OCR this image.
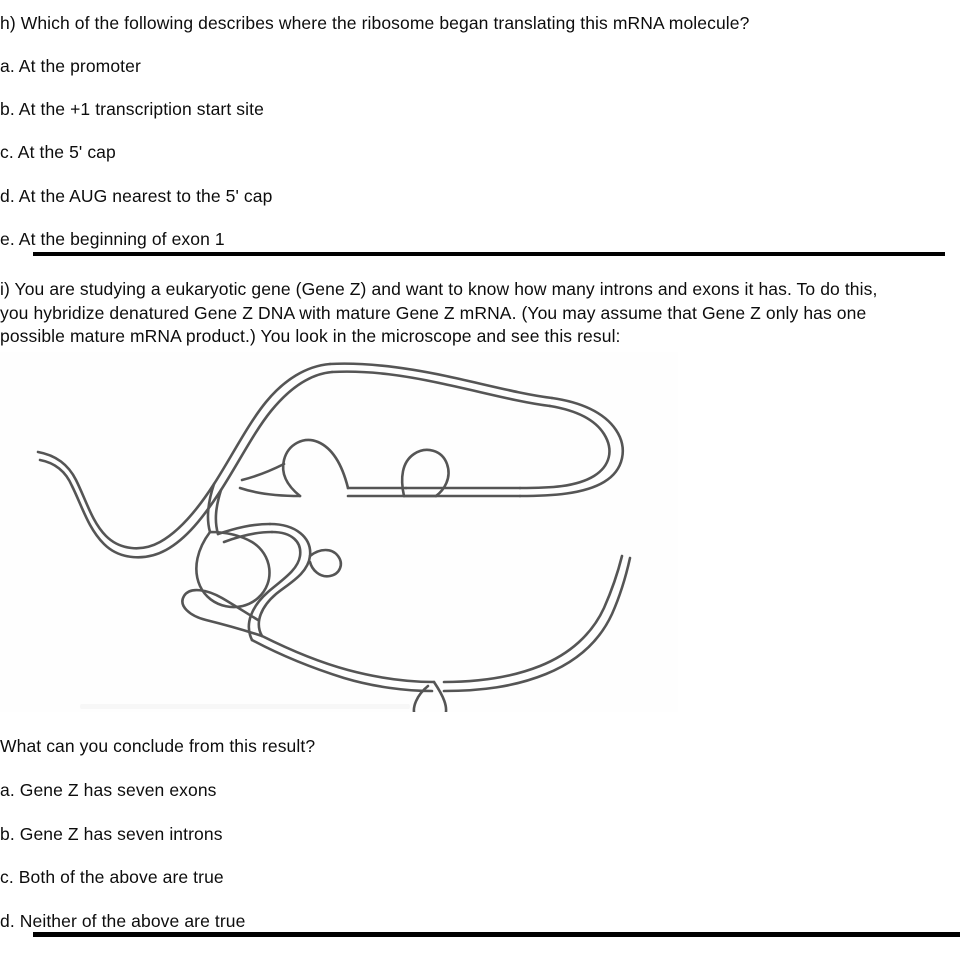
h) Which of the following describes where the ribosome began translating this mRNA molecule?
a. At the promoter
b. At the +1 transcription start site
c. At the 5' cap
d. At the AUG nearest to the 5' cap
e. At the beginning of exon 1
i) You are studying a eukaryotic gene (Gene Z) and want to know how many introns and exons it has. To do this, you hybridize denatured Gene Z DNA with mature Gene Z mRNA. (You may assume that Gene Z only has one possible mature mRNA product.) You look in the microscope and see this resul:
What can you conclude from this result?
a. Gene Z has seven exons
b. Gene Z has seven introns
c. Both of the above are true
d. Neither of the above are true
